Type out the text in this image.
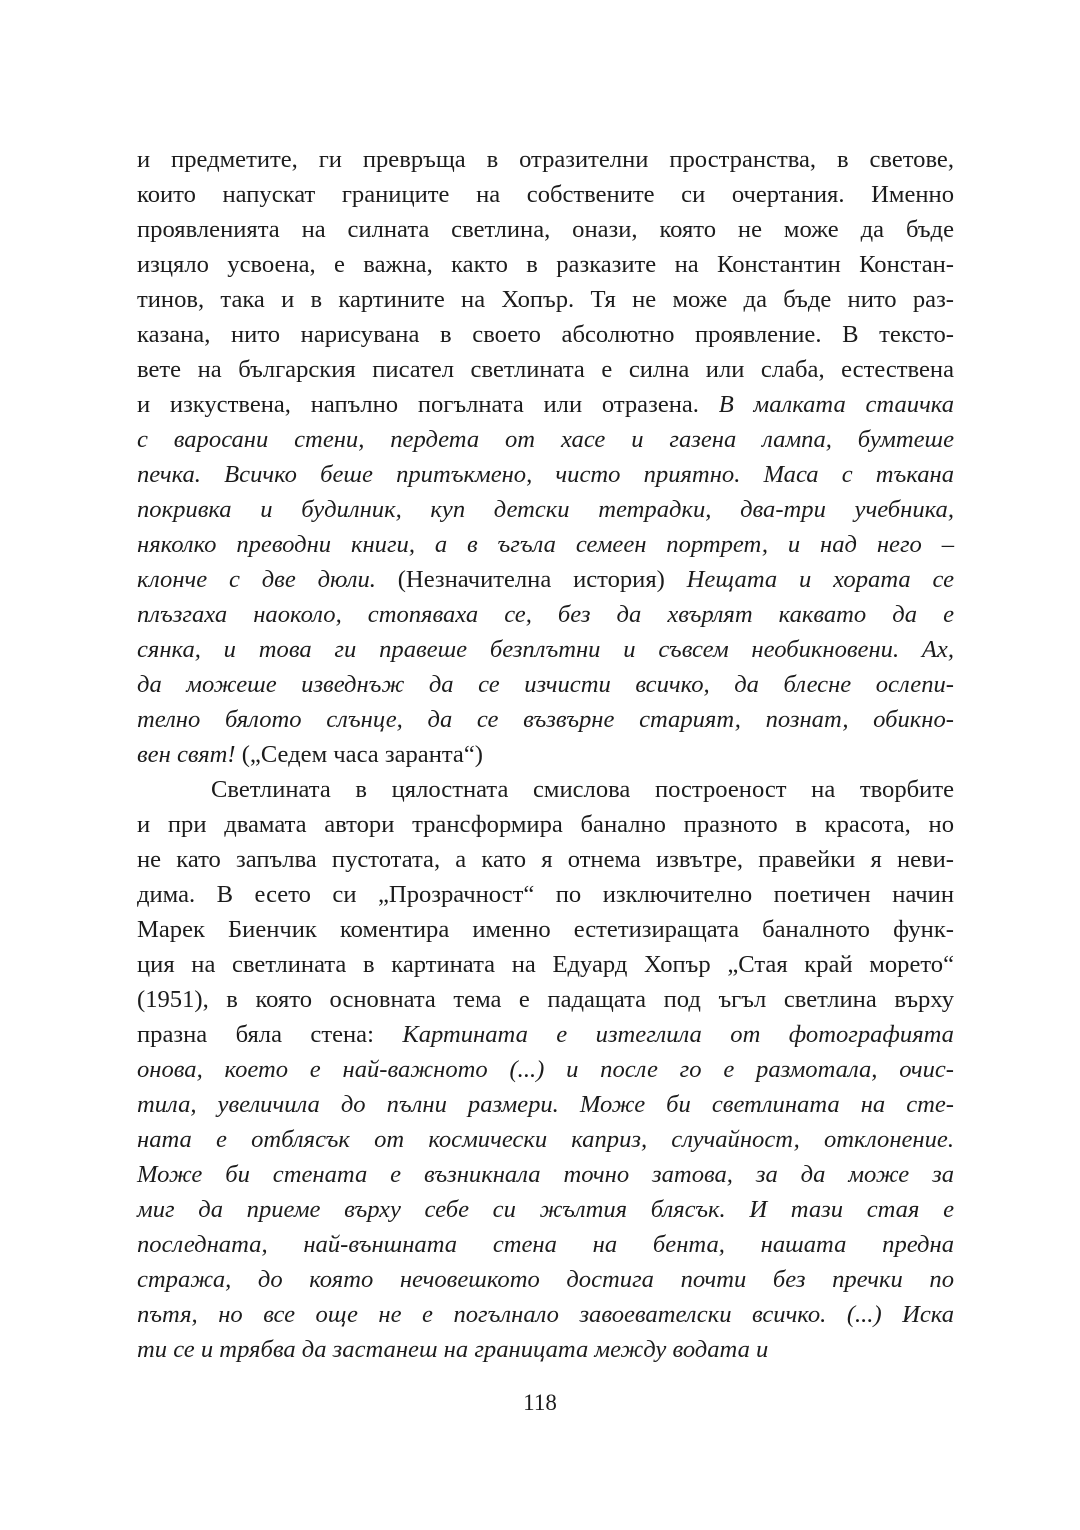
и предметите, ги превръща в отразителни пространства, в светове,
които напускат границите на собствените си очертания. Именно
проявленията на силната светлина, онази, която не може да бъде
изцяло усвоена, е важна, както в разказите на Константин Констан-
тинов, така и в картините на Хопър. Тя не може да бъде нито раз-
казана, нито нарисувана в своето абсолютно проявление. В тексто-
вете на българския писател светлината е силна или слаба, естествена
и изкуствена, напълно погълната или отразена. В малката стаичка
с варосани стени, пердета от хасе и газена лампа, бумтеше
печка. Всичко беше притъкмено, чисто приятно. Маса с тъкана
покривка и будилник, куп детски тетрадки, два-три учебника,
няколко преводни книги, а в ъгъла семеен портрет, и над него –
клонче с две дюли. (Незначителна история) Нещата и хората се
плъзгаха наоколо, стопяваха се, без да хвърлят каквато да е
сянка, и това ги правеше безплътни и съвсем необикновени. Ах,
да можеше изведнъж да се изчисти всичко, да блесне ослепи-
телно бялото слънце, да се възвърне старият, познат, обикно-
вен свят! („Седем часа заранта“)
Светлината в цялостната смислова построеност на творбите
и при двамата автори трансформира банално празното в красота, но
не като запълва пустотата, а като я отнема извътре, правейки я неви-
дима. В есето си „Прозрачност“ по изключително поетичен начин
Марек Биенчик коментира именно естетизиращата баналното функ-
ция на светлината в картината на Едуард Хопър „Стая край морето“
(1951), в която основната тема е падащата под ъгъл светлина върху
празна бяла стена: Картината е изтеглила от фотографията
онова, което е най-важното (...) и после го е размотала, очис-
тила, увеличила до пълни размери. Може би светлината на сте-
ната е отблясък от космически каприз, случайност, отклонение.
Може би стената е възникнала точно затова, за да може за
миг да приеме върху себе си жълтия блясък. И тази стая е
последната, най-външната стена на бента, нашата предна
стража, до която нечовешкото достига почти без пречки по
пътя, но все още не е погълнало завоевателски всичко. (...) Иска
ти се и трябва да застанеш на границата между водата и
118
